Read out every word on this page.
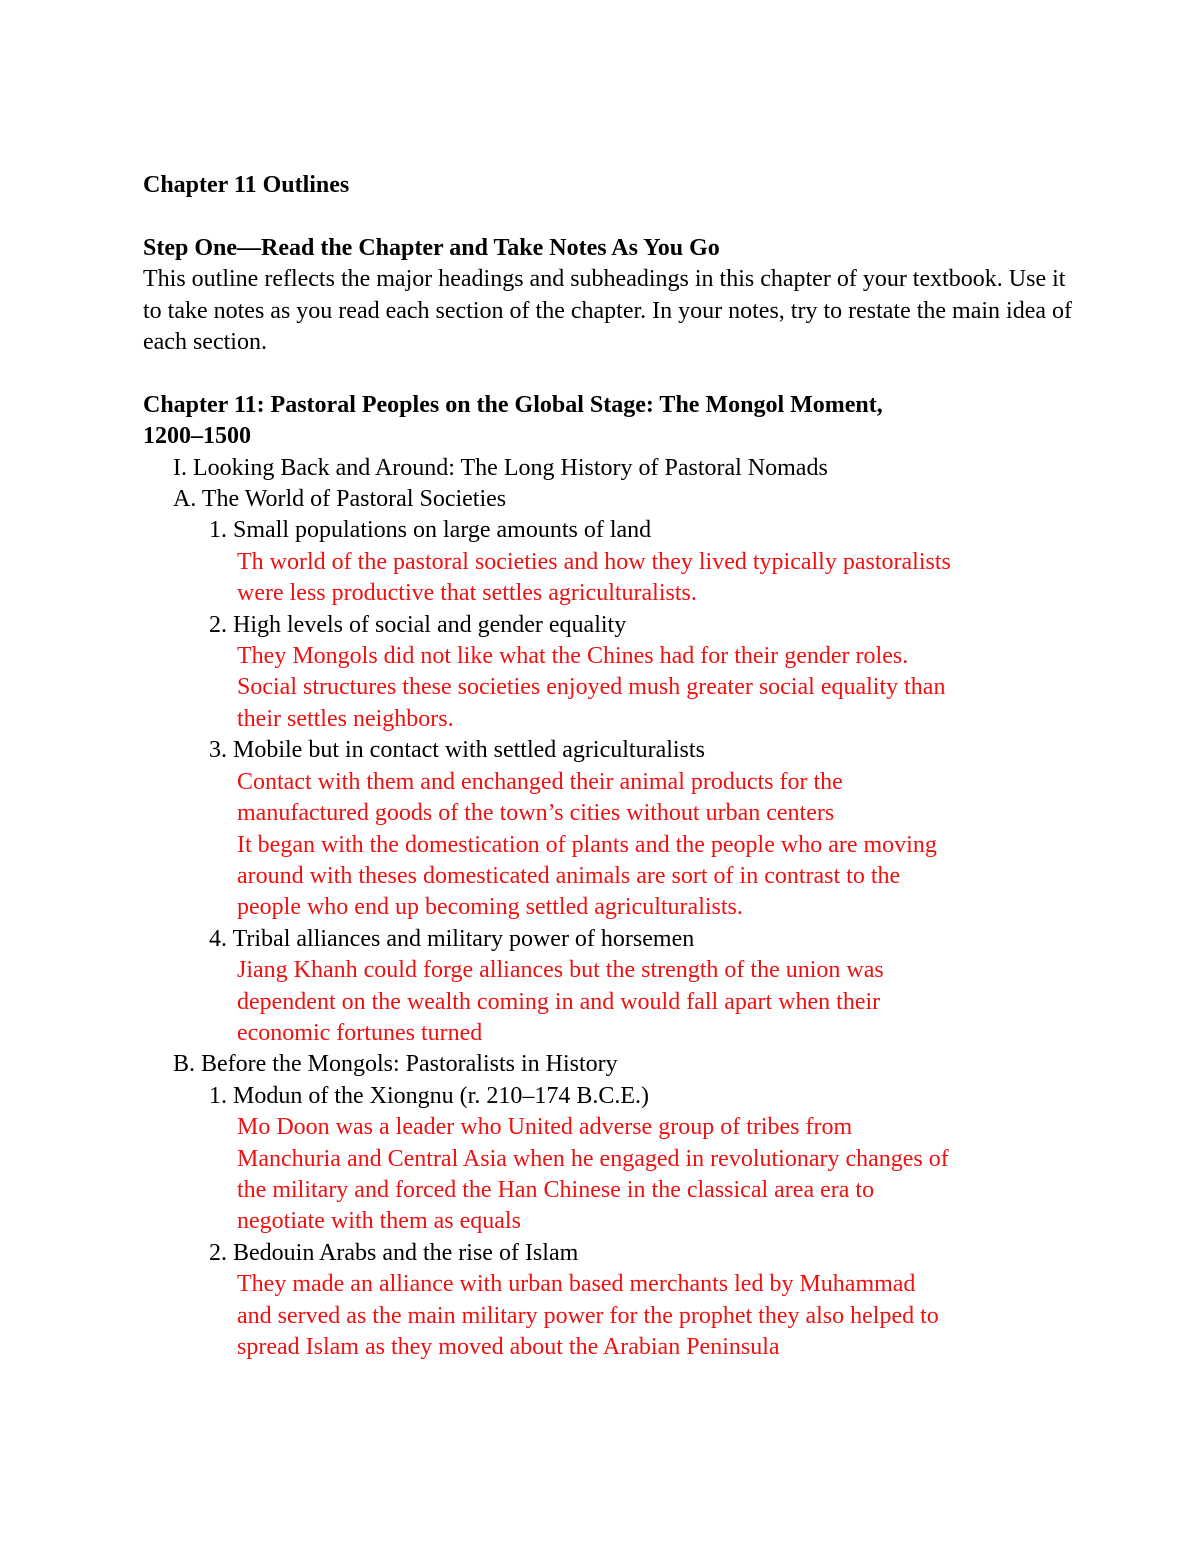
Chapter 11 Outlines

Step One—Read the Chapter and Take Notes As You Go

This outline reflects the major headings and subheadings in this chapter of your textbook. Use it to take notes as you read each section of the chapter. In your notes, try to restate the main idea of each section.

Chapter 11: Pastoral Peoples on the Global Stage: The Mongol Moment,

1200–1500

I. Looking Back and Around: The Long History of Pastoral Nomads

A. The World of Pastoral Societies

1. Small populations on large amounts of land

Th world of the pastoral societies and how they lived typically pastoralists

were less productive that settles agriculturalists.

2. High levels of social and gender equality

They Mongols did not like what the Chines had for their gender roles.

Social structures these societies enjoyed mush greater social equality than

their settles neighbors.

3. Mobile but in contact with settled agriculturalists

Contact with them and enchanged their animal products for the

manufactured goods of the town’s cities without urban centers

It began with the domestication of plants and the people who are moving

around with theses domesticated animals are sort of in contrast to the

people who end up becoming settled agriculturalists.

4. Tribal alliances and military power of horsemen

Jiang Khanh could forge alliances but the strength of the union was

dependent on the wealth coming in and would fall apart when their

economic fortunes turned

B. Before the Mongols: Pastoralists in History

1. Modun of the Xiongnu (r. 210–174 B.C.E.)

Mo Doon was a leader who United adverse group of tribes from

Manchuria and Central Asia when he engaged in revolutionary changes of

the military and forced the Han Chinese in the classical area era to

negotiate with them as equals

2. Bedouin Arabs and the rise of Islam

They made an alliance with urban based merchants led by Muhammad

and served as the main military power for the prophet they also helped to

spread Islam as they moved about the Arabian Peninsula
